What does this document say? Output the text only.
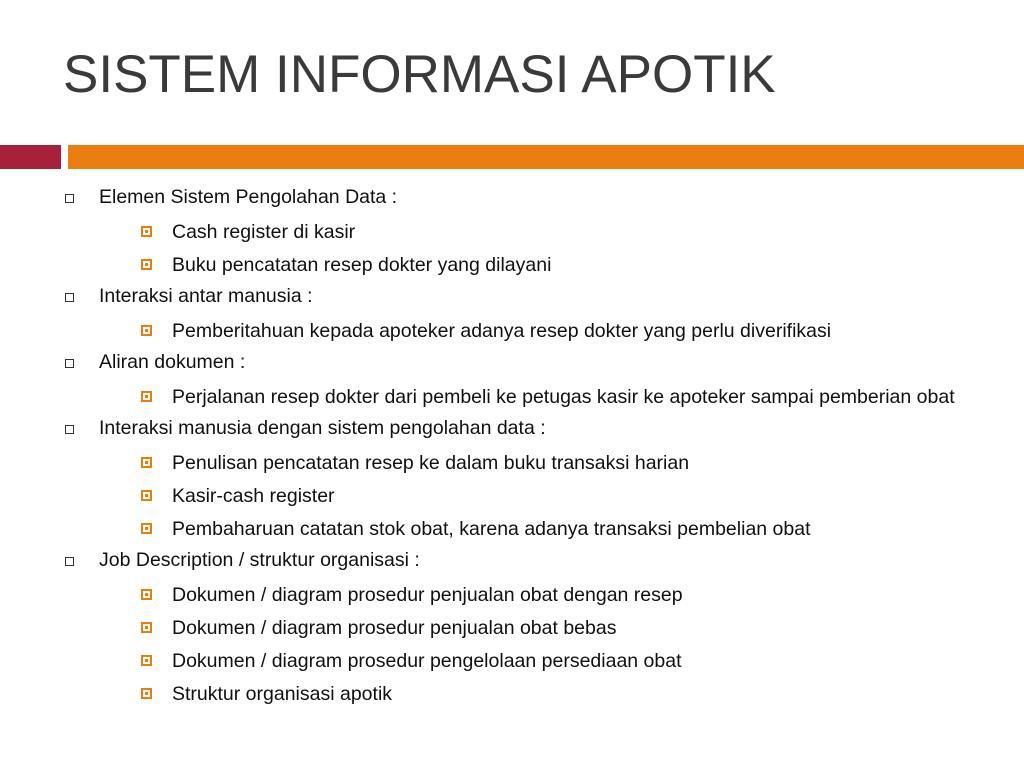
SISTEM INFORMASI APOTIK
Elemen Sistem Pengolahan Data :
Cash register di kasir
Buku pencatatan resep dokter yang dilayani
Interaksi antar manusia :
Pemberitahuan kepada apoteker adanya resep dokter yang perlu diverifikasi
Aliran dokumen :
Perjalanan resep dokter dari pembeli ke petugas kasir ke apoteker sampai pemberian obat
Interaksi manusia dengan sistem pengolahan data :
Penulisan pencatatan resep ke dalam buku transaksi harian
Kasir-cash register
Pembaharuan catatan stok obat, karena adanya transaksi pembelian obat
Job Description / struktur organisasi :
Dokumen / diagram prosedur penjualan obat dengan resep
Dokumen / diagram prosedur penjualan obat bebas
Dokumen / diagram prosedur pengelolaan persediaan obat
Struktur organisasi apotik
